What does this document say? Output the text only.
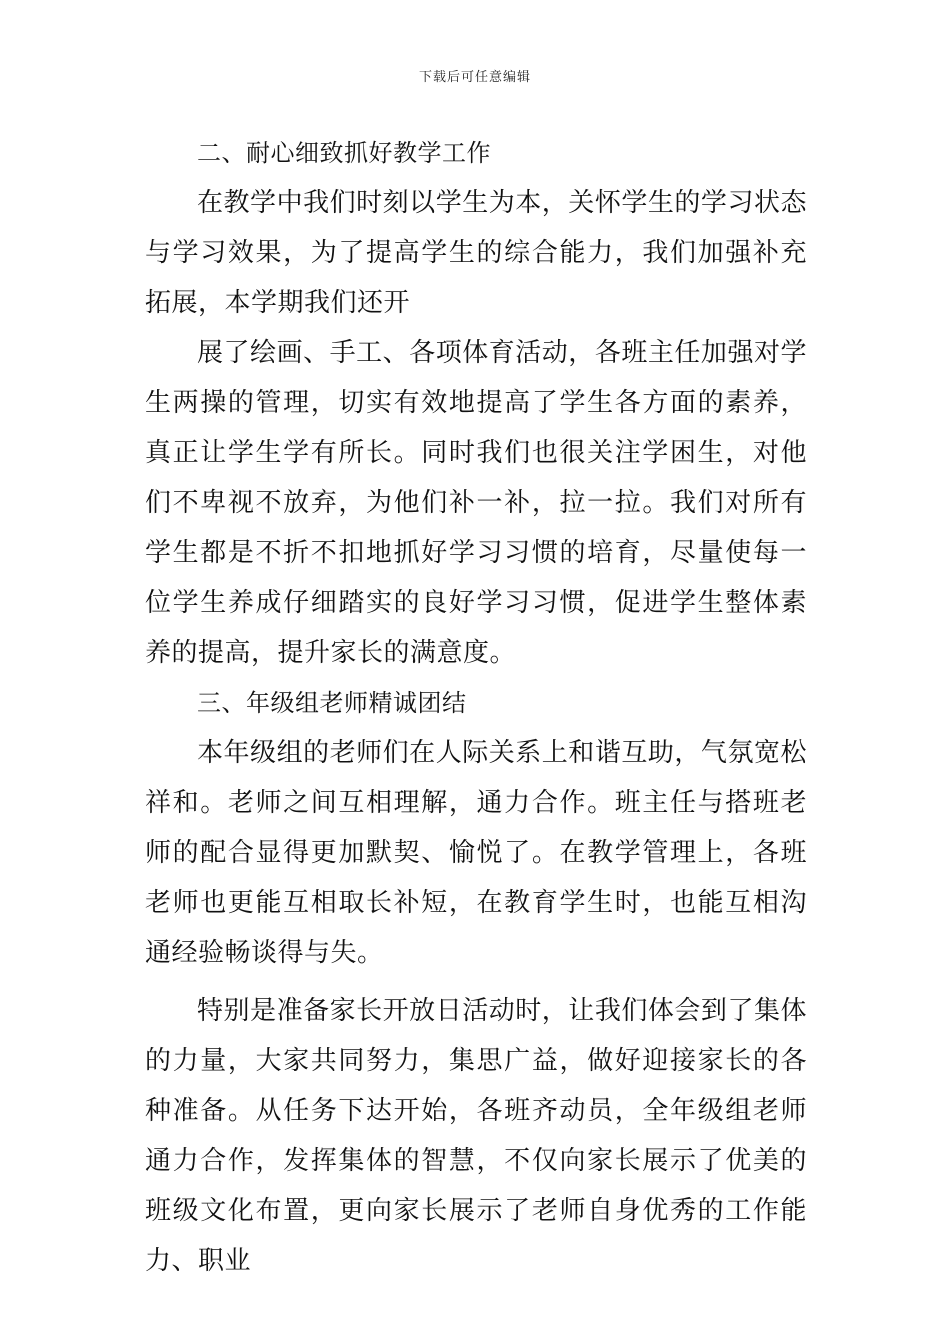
下载后可任意编辑

二、耐心细致抓好教学工作

在教学中我们时刻以学生为本，关怀学生的学习状态与学习效果，为了提高学生的综合能力，我们加强补充拓展，本学期我们还开

展了绘画、手工、各项体育活动，各班主任加强对学生两操的管理，切实有效地提高了学生各方面的素养，真正让学生学有所长。同时我们也很关注学困生，对他们不卑视不放弃，为他们补一补，拉一拉。我们对所有学生都是不折不扣地抓好学习习惯的培育，尽量使每一位学生养成仔细踏实的良好学习习惯，促进学生整体素养的提高，提升家长的满意度。

三、年级组老师精诚团结

本年级组的老师们在人际关系上和谐互助，气氛宽松祥和。老师之间互相理解，通力合作。班主任与搭班老师的配合显得更加默契、愉悦了。在教学管理上，各班老师也更能互相取长补短，在教育学生时，也能互相沟通经验畅谈得与失。

特别是准备家长开放日活动时，让我们体会到了集体的力量，大家共同努力，集思广益，做好迎接家长的各种准备。从任务下达开始，各班齐动员，全年级组老师通力合作，发挥集体的智慧，不仅向家长展示了优美的班级文化布置，更向家长展示了老师自身优秀的工作能力、职业
